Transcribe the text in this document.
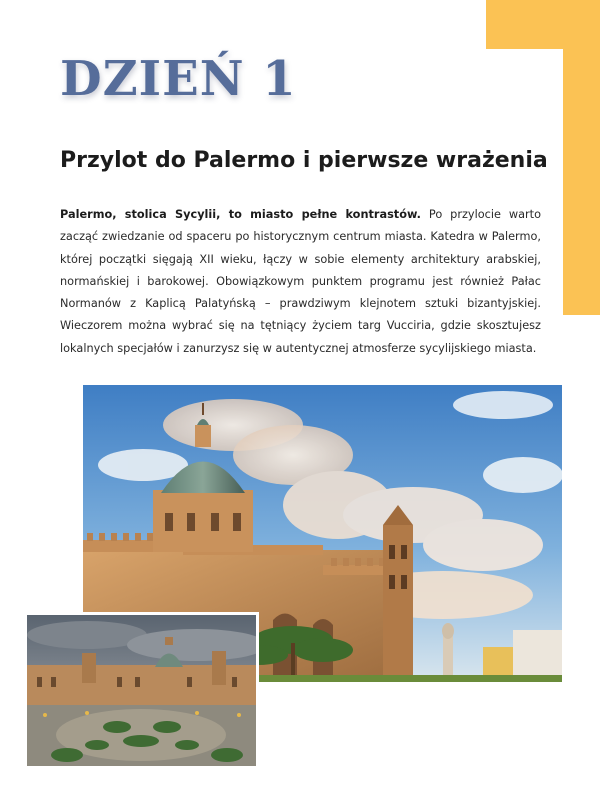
DZIEŃ 1
Przylot do Palermo i pierwsze wrażenia

Palermo, stolica Sycylii, to miasto pełne kontrastów. Po przylocie warto zacząć zwiedzanie od spaceru po historycznym centrum miasta. Katedra w Palermo, której początki sięgają XII wieku, łączy w sobie elementy architektury arabskiej, normańskiej i barokowej. Obowiązkowym punktem programu jest również Pałac Normanów z Kaplicą Palatyńską – prawdziwym klejnotem sztuki bizantyjskiej. Wieczorem można wybrać się na tętniący życiem targ Vucciria, gdzie skosztujesz lokalnych specjałów i zanurzysz się w autentycznej atmosferze sycylijskiego miasta.
